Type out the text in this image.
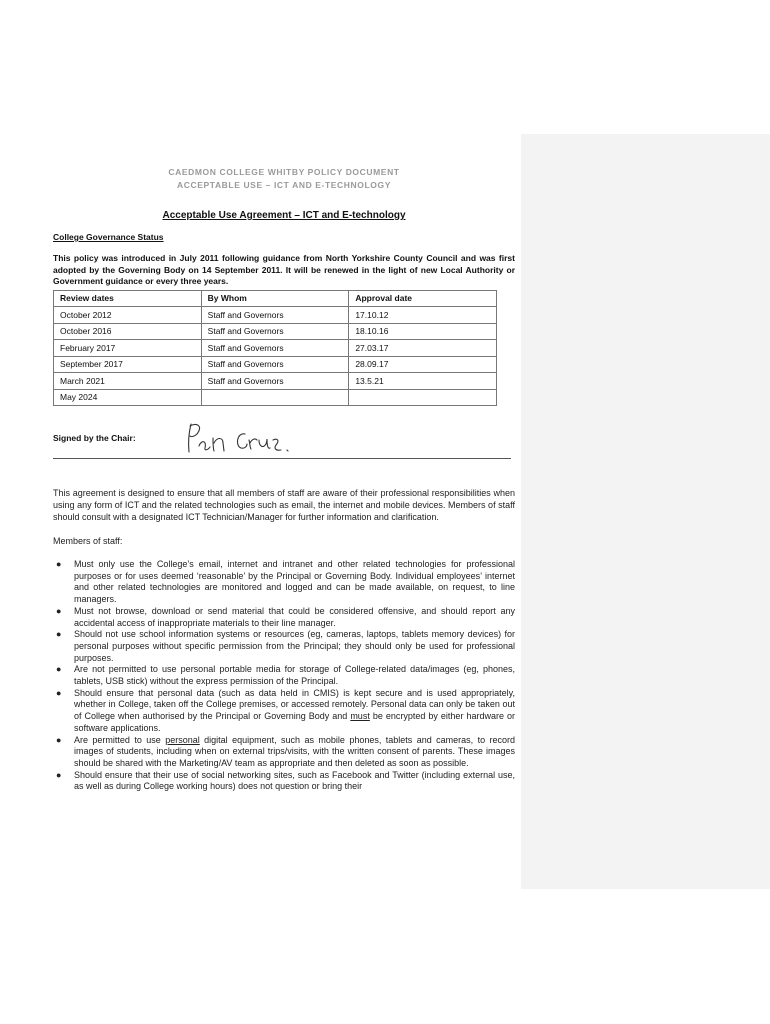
CAEDMON COLLEGE WHITBY POLICY DOCUMENT
ACCEPTABLE USE – ICT AND E-TECHNOLOGY
Acceptable Use Agreement – ICT and E-technology
College Governance Status
This policy was introduced in July 2011 following guidance from North Yorkshire County Council and was first adopted by the Governing Body on 14 September 2011. It will be renewed in the light of new Local Authority or Government guidance or every three years.
Review dates	By Whom	Approval date
October 2012	Staff and Governors	17.10.12
October 2016	Staff and Governors	18.10.16
February 2017	Staff and Governors	27.03.17
September 2017	Staff and Governors	28.09.17
March 2021	Staff and Governors	13.5.21
May 2024		
Signed by the Chair:
This agreement is designed to ensure that all members of staff are aware of their professional responsibilities when using any form of ICT and the related technologies such as email, the internet and mobile devices. Members of staff should consult with a designated ICT Technician/Manager for further information and clarification.
Members of staff:
● Must only use the College’s email, internet and intranet and other related technologies for professional purposes or for uses deemed ‘reasonable’ by the Principal or Governing Body. Individual employees’ internet and other related technologies are monitored and logged and can be made available, on request, to line managers.
● Must not browse, download or send material that could be considered offensive, and should report any accidental access of inappropriate materials to their line manager.
● Should not use school information systems or resources (eg, cameras, laptops, tablets memory devices) for personal purposes without specific permission from the Principal; they should only be used for professional purposes.
● Are not permitted to use personal portable media for storage of College-related data/images (eg, phones, tablets, USB stick) without the express permission of the Principal.
● Should ensure that personal data (such as data held in CMIS) is kept secure and is used appropriately, whether in College, taken off the College premises, or accessed remotely. Personal data can only be taken out of College when authorised by the Principal or Governing Body and must be encrypted by either hardware or software applications.
● Are permitted to use personal digital equipment, such as mobile phones, tablets and cameras, to record images of students, including when on external trips/visits, with the written consent of parents. These images should be shared with the Marketing/AV team as appropriate and then deleted as soon as possible.
● Should ensure that their use of social networking sites, such as Facebook and Twitter (including external use, as well as during College working hours) does not question or bring their
